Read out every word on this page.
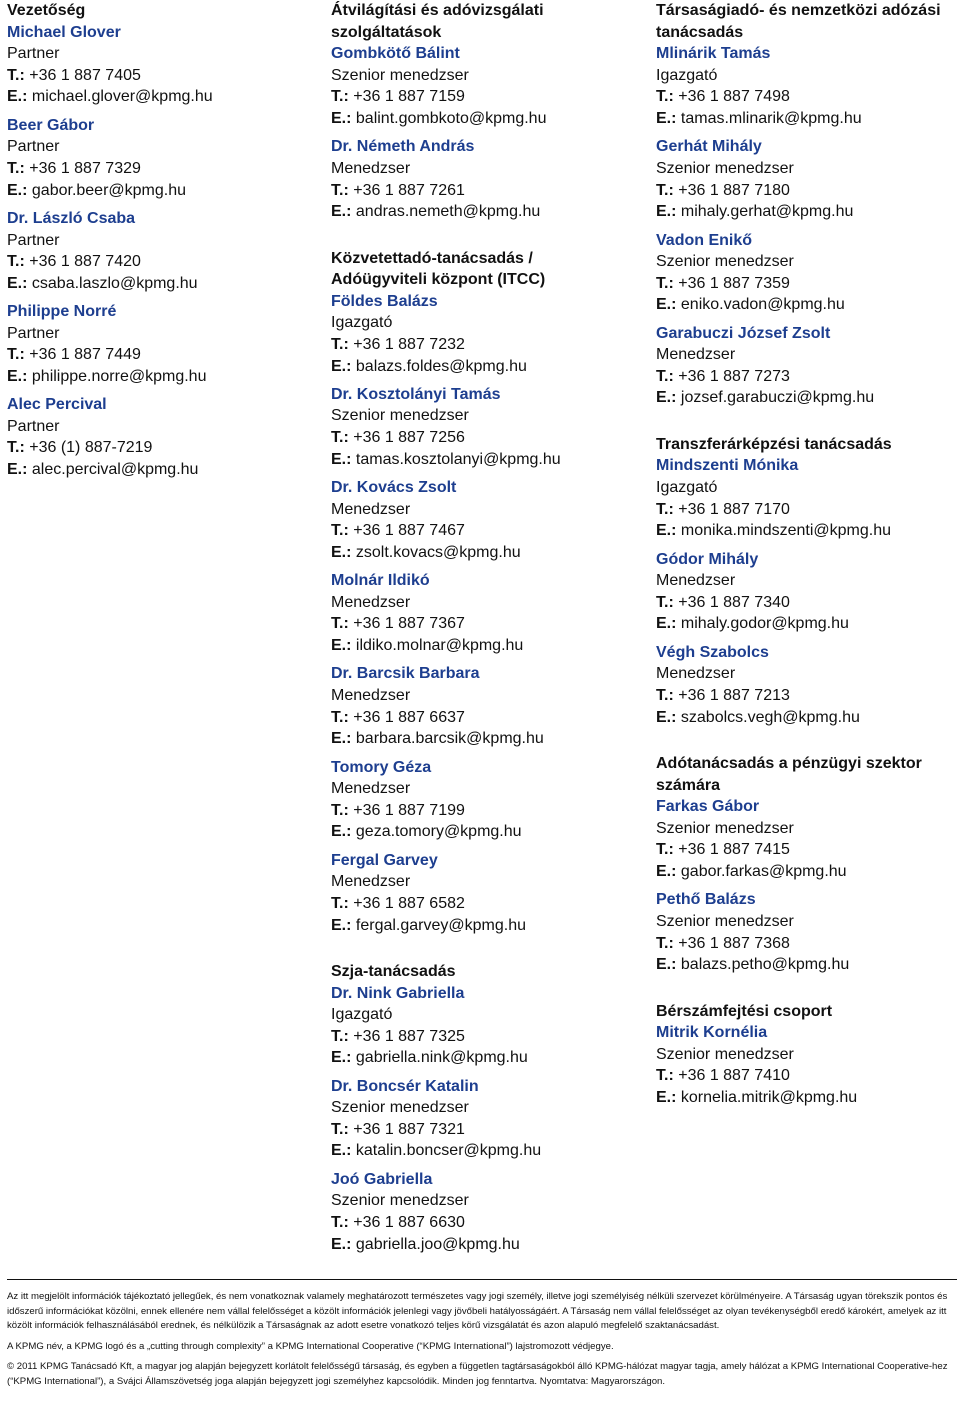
Vezetőség
Michael Glover
Partner
T.: +36 1 887 7405
E.: michael.glover@kpmg.hu
Beer Gábor
Partner
T.: +36 1 887 7329
E.: gabor.beer@kpmg.hu
Dr. László Csaba
Partner
T.: +36 1 887 7420
E.: csaba.laszlo@kpmg.hu
Philippe Norré
Partner
T.: +36 1 887 7449
E.: philippe.norre@kpmg.hu
Alec Percival
Partner
T.: +36 (1) 887-7219
E.: alec.percival@kpmg.hu
Átvilágítási és adóvizsgálati szolgáltatások
Gombkötő Bálint
Szenior menedzser
T.: +36 1 887 7159
E.: balint.gombkoto@kpmg.hu
Dr. Németh András
Menedzser
T.: +36 1 887 7261
E.: andras.nemeth@kpmg.hu
Közvetettadó-tanácsadás / Adóügyviteli központ (ITCC)
Földes Balázs
Igazgató
T.: +36 1 887 7232
E.: balazs.foldes@kpmg.hu
Dr. Kosztolányi Tamás
Szenior menedzser
T.: +36 1 887 7256
E.: tamas.kosztolanyi@kpmg.hu
Dr. Kovács Zsolt
Menedzser
T.: +36 1 887 7467
E.: zsolt.kovacs@kpmg.hu
Molnár Ildikó
Menedzser
T.: +36 1 887 7367
E.: ildiko.molnar@kpmg.hu
Dr. Barcsik Barbara
Menedzser
T.: +36 1 887 6637
E.: barbara.barcsik@kpmg.hu
Tomory Géza
Menedzser
T.: +36 1 887 7199
E.: geza.tomory@kpmg.hu
Fergal Garvey
Menedzser
T.: +36 1 887 6582
E.: fergal.garvey@kpmg.hu
Szja-tanácsadás
Dr. Nink Gabriella
Igazgató
T.: +36 1 887 7325
E.: gabriella.nink@kpmg.hu
Dr. Boncsér Katalin
Szenior menedzser
T.: +36 1 887 7321
E.: katalin.boncser@kpmg.hu
Joó Gabriella
Szenior menedzser
T.: +36 1 887 6630
E.: gabriella.joo@kpmg.hu
Társaságiadó- és nemzetközi adózási tanácsadás
Mlinárik Tamás
Igazgató
T.: +36 1 887 7498
E.: tamas.mlinarik@kpmg.hu
Gerhát Mihály
Szenior menedzser
T.: +36 1 887 7180
E.: mihaly.gerhat@kpmg.hu
Vadon Enikő
Szenior menedzser
T.: +36 1 887 7359
E.: eniko.vadon@kpmg.hu
Garabuczi József Zsolt
Menedzser
T.: +36 1 887 7273
E.: jozsef.garabuczi@kpmg.hu
Transzferárképzési tanácsadás
Mindszenti Mónika
Igazgató
T.: +36 1 887 7170
E.: monika.mindszenti@kpmg.hu
Gódor Mihály
Menedzser
T.: +36 1 887 7340
E.: mihaly.godor@kpmg.hu
Végh Szabolcs
Menedzser
T.: +36 1 887 7213
E.: szabolcs.vegh@kpmg.hu
Adótanácsadás a pénzügyi szektor számára
Farkas Gábor
Szenior menedzser
T.: +36 1 887 7415
E.: gabor.farkas@kpmg.hu
Pethő Balázs
Szenior menedzser
T.: +36 1 887 7368
E.: balazs.petho@kpmg.hu
Bérszámfejtési csoport
Mitrik Kornélia
Szenior menedzser
T.: +36 1 887 7410
E.: kornelia.mitrik@kpmg.hu

Az itt megjelölt információk tájékoztató jellegűek, és nem vonatkoznak valamely meghatározott természetes vagy jogi személy, illetve jogi személyiség nélküli szervezet körülményeire. A Társaság ugyan törekszik pontos és időszerű információkat közölni, ennek ellenére nem vállal felelősséget a közölt információk jelenlegi vagy jövőbeli hatályosságáért. A Társaság nem vállal felelősséget az olyan tevékenységből eredő károkért, amelyek az itt közölt információk felhasználásából erednek, és nélkülözik a Társaságnak az adott esetre vonatkozó teljes körű vizsgálatát és azon alapuló megfelelő szaktanácsadást.

A KPMG név, a KPMG logó és a „cutting through complexity” a KPMG International Cooperative (“KPMG International”) lajstromozott védjegye.

© 2011 KPMG Tanácsadó Kft, a magyar jog alapján bejegyzett korlátolt felelősségű társaság, és egyben a független tagtársaságokból álló KPMG-hálózat magyar tagja, amely hálózat a KPMG International Cooperative-hez (“KPMG International”), a Svájci Államszövetség joga alapján bejegyzett jogi személyhez kapcsolódik. Minden jog fenntartva. Nyomtatva: Magyarországon.
